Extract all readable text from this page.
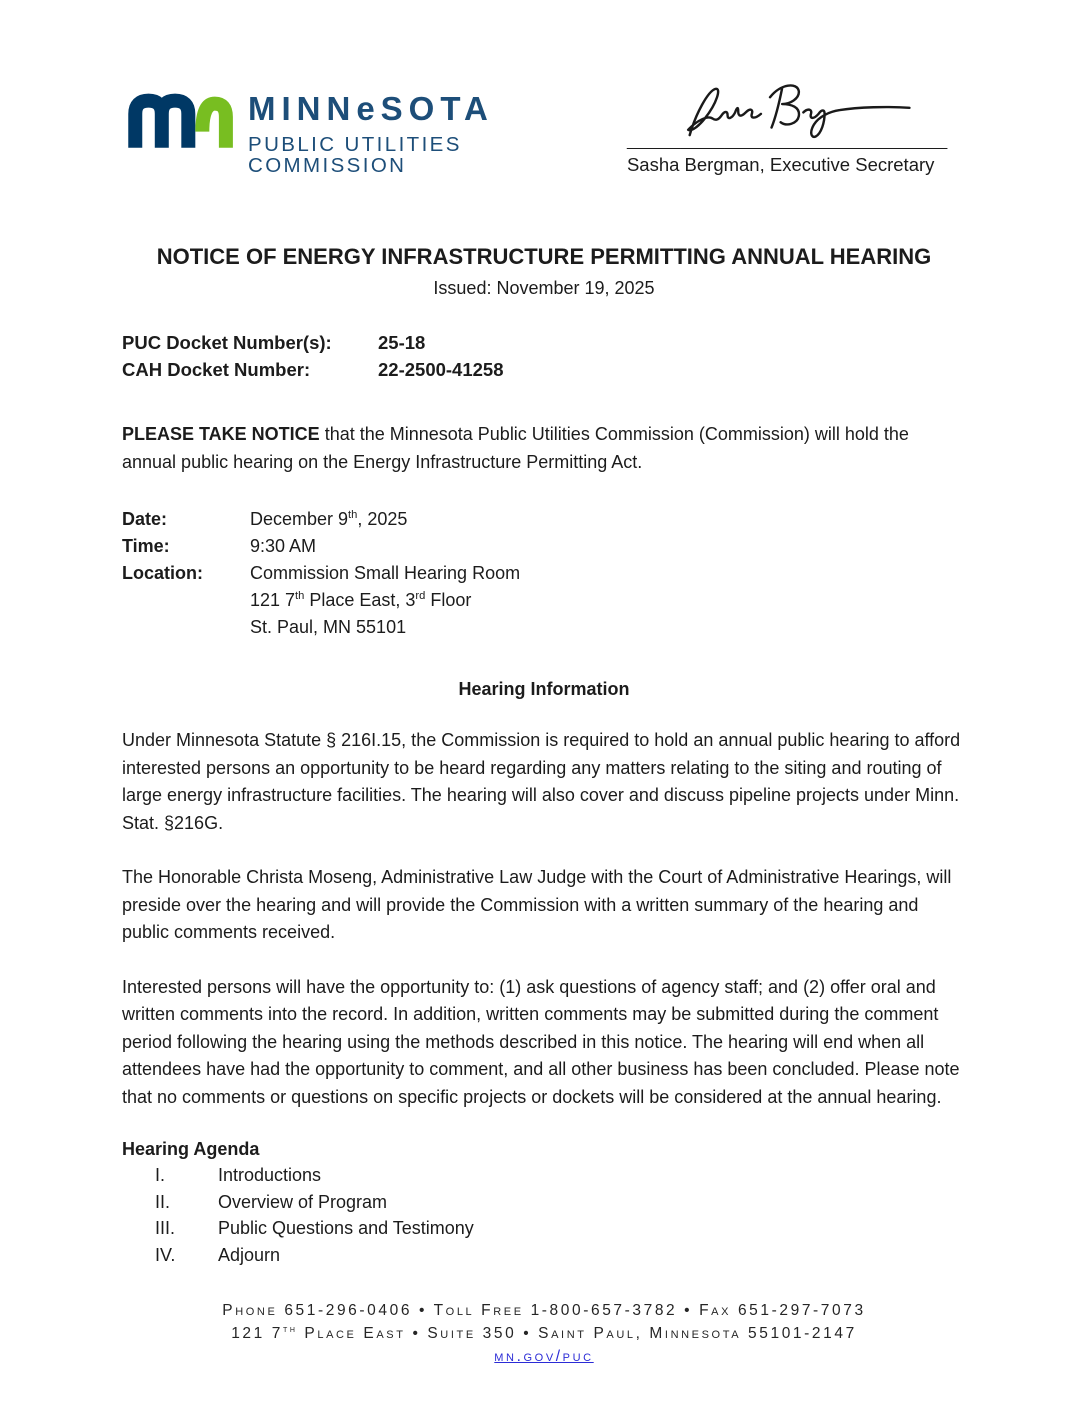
MINNeSOTA
PUBLIC UTILITIES COMMISSION
____________________________________
Sasha Bergman, Executive Secretary
NOTICE OF ENERGY INFRASTRUCTURE PERMITTING ANNUAL HEARING
Issued: November 19, 2025
PUC Docket Number(s):	25-18
CAH Docket Number:	22-2500-41258
PLEASE TAKE NOTICE that the Minnesota Public Utilities Commission (Commission) will hold the annual public hearing on the Energy Infrastructure Permitting Act.
Date:	December 9th, 2025
Time:	9:30 AM
Location:	Commission Small Hearing Room
121 7th Place East, 3rd Floor
St. Paul, MN 55101
Hearing Information
Under Minnesota Statute § 216I.15, the Commission is required to hold an annual public hearing to afford interested persons an opportunity to be heard regarding any matters relating to the siting and routing of large energy infrastructure facilities. The hearing will also cover and discuss pipeline projects under Minn. Stat. §216G.
The Honorable Christa Moseng, Administrative Law Judge with the Court of Administrative Hearings, will preside over the hearing and will provide the Commission with a written summary of the hearing and public comments received.
Interested persons will have the opportunity to: (1) ask questions of agency staff; and (2) offer oral and written comments into the record. In addition, written comments may be submitted during the comment period following the hearing using the methods described in this notice. The hearing will end when all attendees have had the opportunity to comment, and all other business has been concluded. Please note that no comments or questions on specific projects or dockets will be considered at the annual hearing.
Hearing Agenda
I.	Introductions
II.	Overview of Program
III.	Public Questions and Testimony
IV.	Adjourn
Phone 651-296-0406 • Toll Free 1-800-657-3782 • Fax 651-297-7073
121 7th Place East • Suite 350 • Saint Paul, Minnesota 55101-2147
mn.gov/puc
